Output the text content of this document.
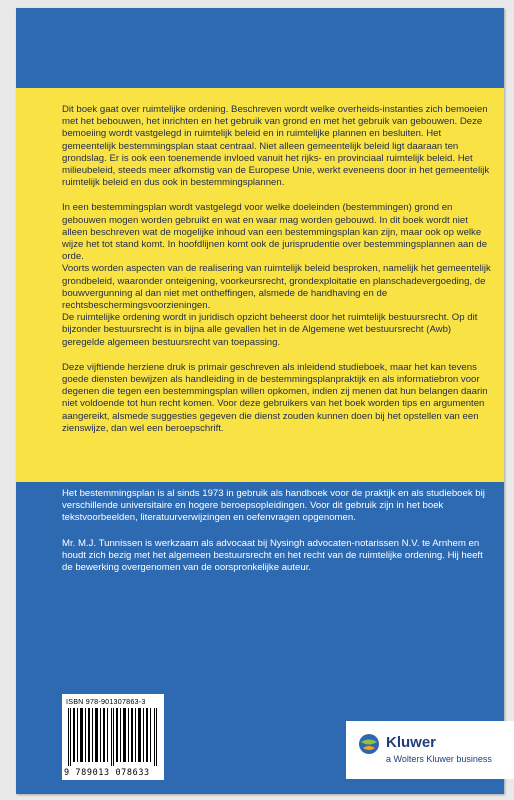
Dit boek gaat over ruimtelijke ordening. Beschreven wordt welke overheids-instanties zich bemoeien met het bebouwen, het inrichten en het gebruik van grond en met het gebruik van gebouwen. Deze bemoeiing wordt vastgelegd in ruimtelijk beleid en in ruimtelijke plannen en besluiten. Het gemeentelijk bestemmingsplan staat centraal. Niet alleen gemeentelijk beleid ligt daaraan ten grondslag. Er is ook een toenemende invloed vanuit het rijks- en provinciaal ruimtelijk beleid. Het milieubeleid, steeds meer afkomstig van de Europese Unie, werkt eveneens door in het gemeentelijk ruimtelijk beleid en dus ook in bestemmingsplannen.

In een bestemmingsplan wordt vastgelegd voor welke doeleinden (bestemmingen) grond en gebouwen mogen worden gebruikt en wat en waar mag worden gebouwd. In dit boek wordt niet alleen beschreven wat de mogelijke inhoud van een bestemmingsplan kan zijn, maar ook op welke wijze het tot stand komt. In hoofdlijnen komt ook de jurisprudentie over bestemmingsplannen aan de orde.

Voorts worden aspecten van de realisering van ruimtelijk beleid besproken, namelijk het gemeentelijk grondbeleid, waaronder onteigening, voorkeursrecht, grondexploitatie en planschadevergoeding, de bouwvergunning al dan niet met ontheffingen, alsmede de handhaving en de rechtsbeschermingsvoorzieningen.

De ruimtelijke ordening wordt in juridisch opzicht beheerst door het ruimtelijk bestuursrecht. Op dit bijzonder bestuursrecht is in bijna alle gevallen het in de Algemene wet bestuursrecht (Awb) geregelde algemeen bestuursrecht van toepassing.

Deze vijftiende herziene druk is primair geschreven als inleidend studieboek, maar het kan tevens goede diensten bewijzen als handleiding in de bestemmingsplanpraktijk en als informatiebron voor degenen die tegen een bestemmingsplan willen opkomen, indien zij menen dat hun belangen daarin niet voldoende tot hun recht komen. Voor deze gebruikers van het boek worden tips en argumenten aangereikt, alsmede suggesties gegeven die dienst zouden kunnen doen bij het opstellen van een zienswijze, dan wel een beroepschrift.

Het bestemmingsplan is al sinds 1973 in gebruik als handboek voor de praktijk en als studieboek bij verschillende universitaire en hogere beroepsopleidingen. Voor dit gebruik zijn in het boek tekstvoorbeelden, literatuurverwijzingen en oefenvragen opgenomen.

Mr. M.J. Tunnissen is werkzaam als advocaat bij Nysingh advocaten-notarissen N.V. te Arnhem en houdt zich bezig met het algemeen bestuursrecht en het recht van de ruimtelijke ordening. Hij heeft de bewerking overgenomen van de oorspronkelijke auteur.

ISBN 978-901307863-3
9 789013 078633
Kluwer
a Wolters Kluwer business
